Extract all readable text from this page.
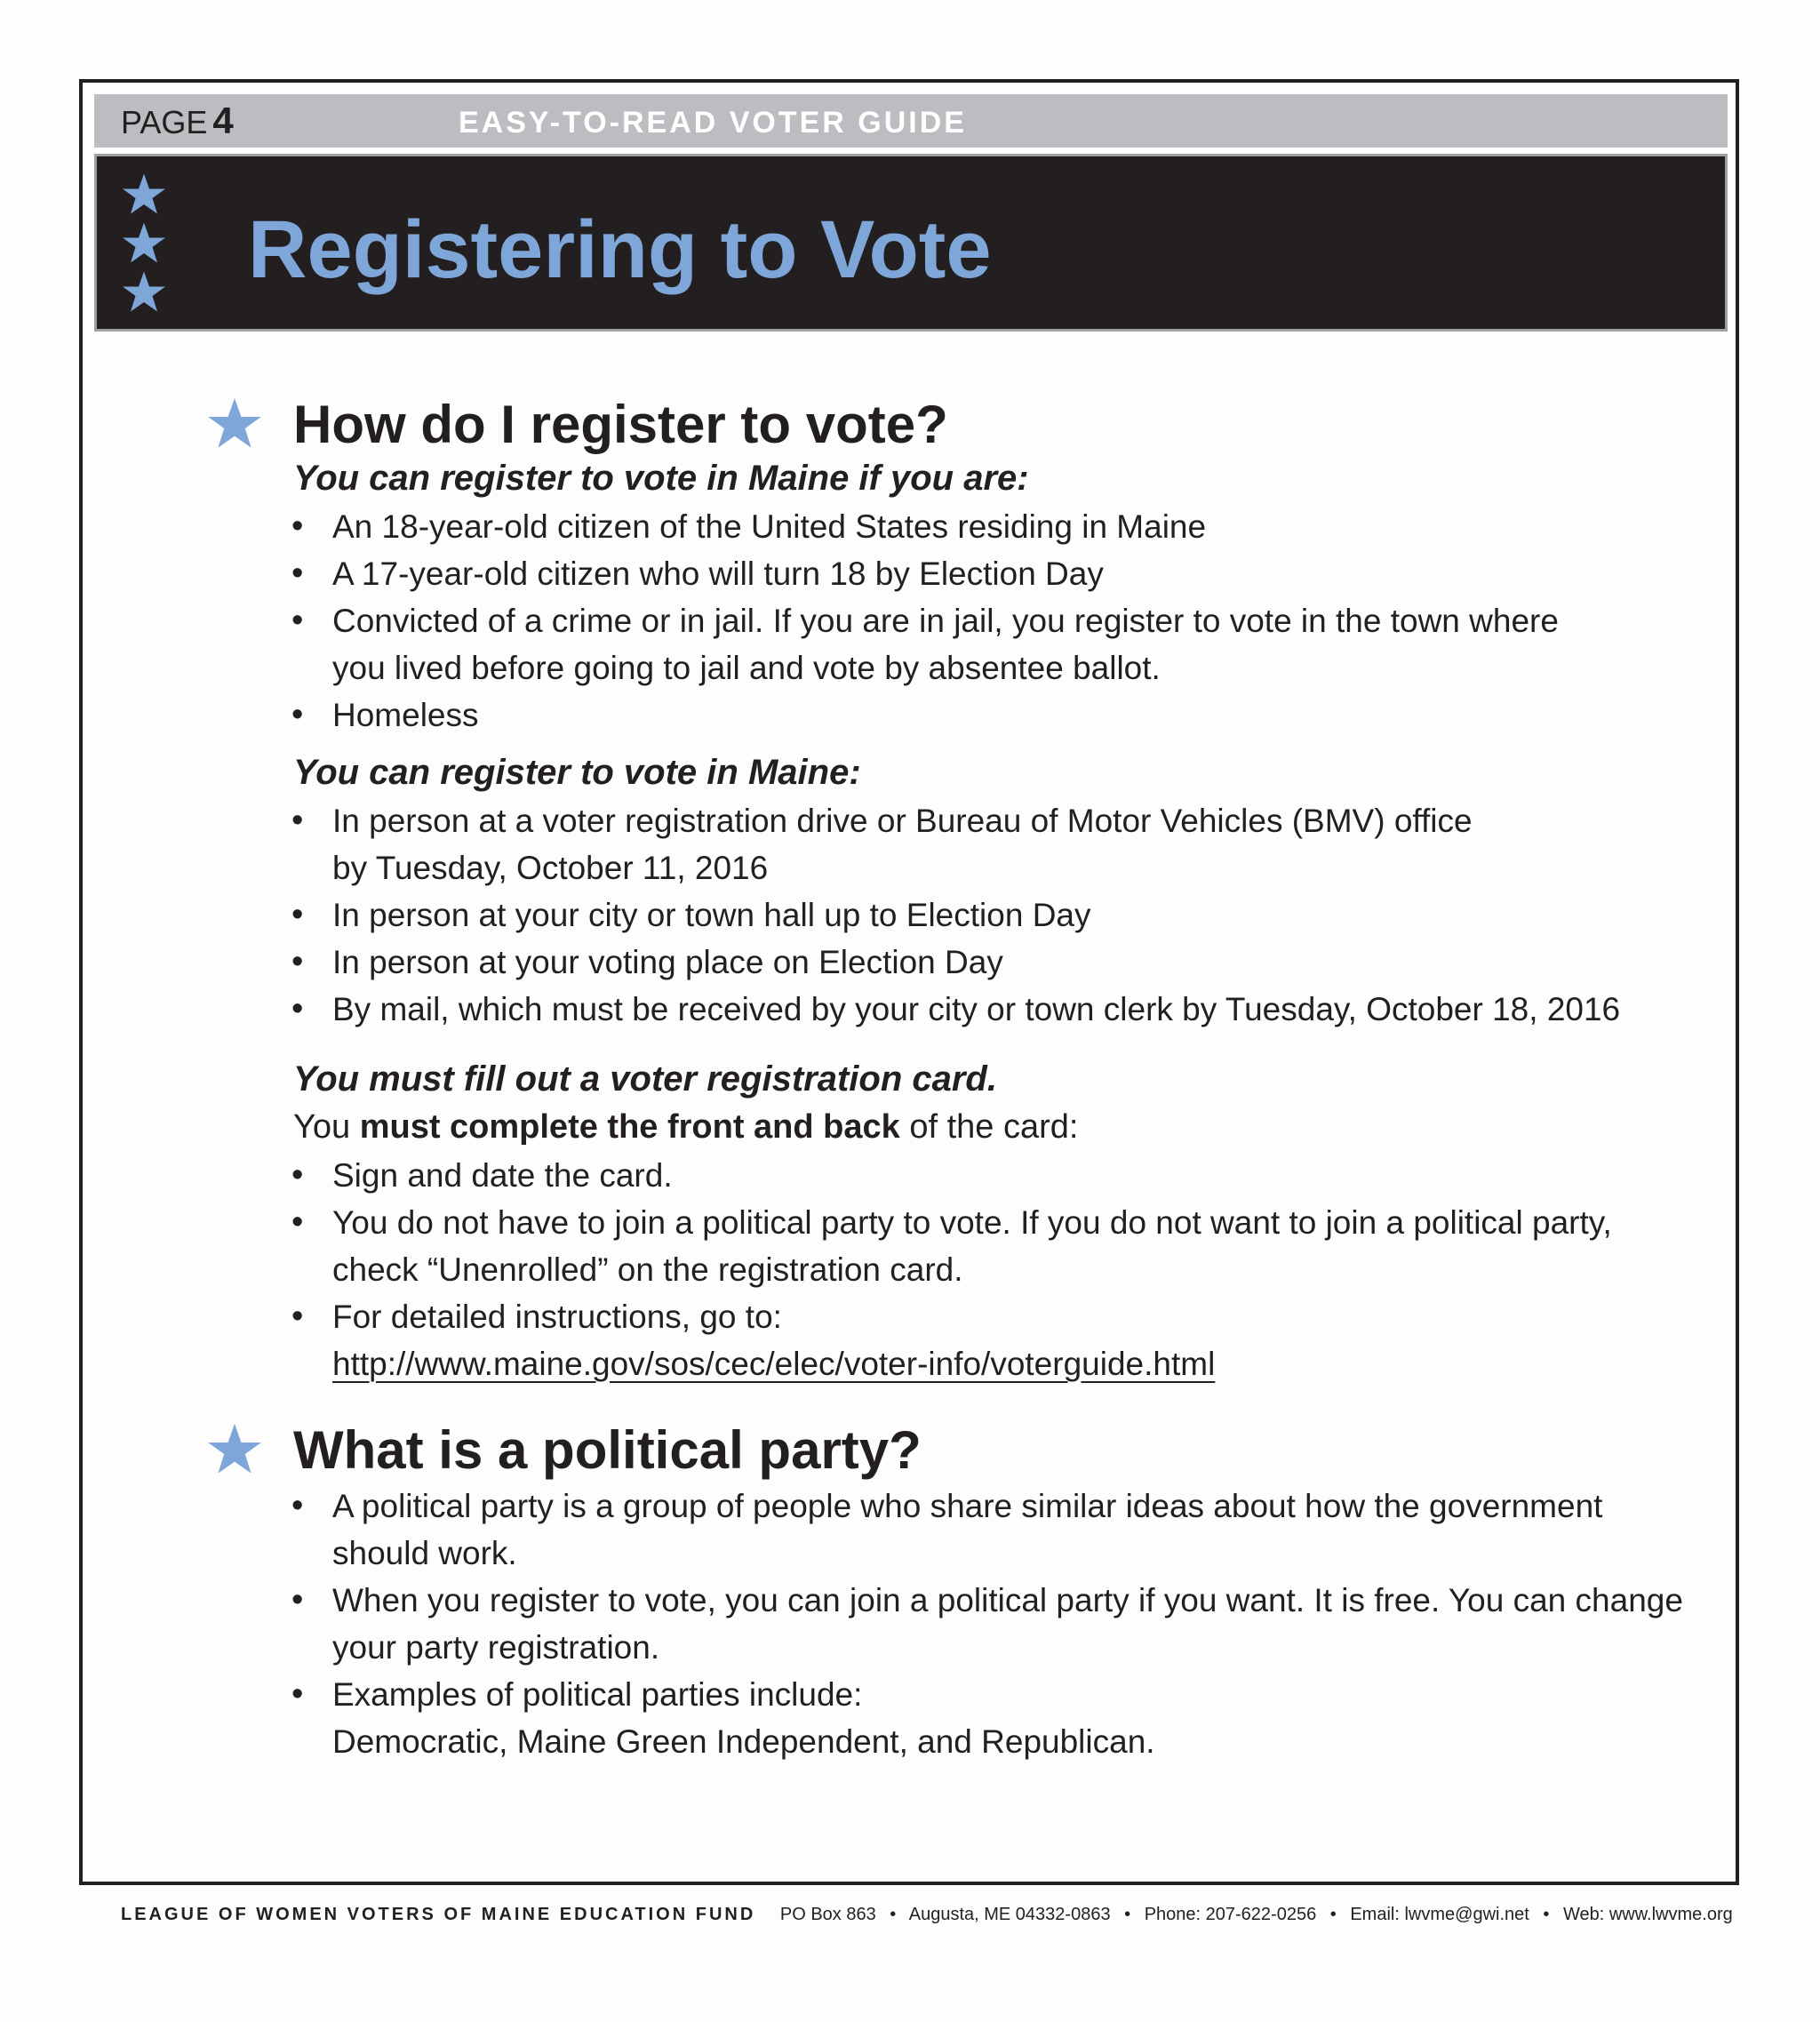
PAGE 4	EASY-TO-READ VOTER GUIDE
Registering to Vote
How do I register to vote?
You can register to vote in Maine if you are:
• An 18-year-old citizen of the United States residing in Maine
• A 17-year-old citizen who will turn 18 by Election Day
• Convicted of a crime or in jail. If you are in jail, you register to vote in the town where you lived before going to jail and vote by absentee ballot.
• Homeless
You can register to vote in Maine:
• In person at a voter registration drive or Bureau of Motor Vehicles (BMV) office by Tuesday, October 11, 2016
• In person at your city or town hall up to Election Day
• In person at your voting place on Election Day
• By mail, which must be received by your city or town clerk by Tuesday, October 18, 2016
You must fill out a voter registration card.
You must complete the front and back of the card:
• Sign and date the card.
• You do not have to join a political party to vote. If you do not want to join a political party, check “Unenrolled” on the registration card.
• For detailed instructions, go to:
http://www.maine.gov/sos/cec/elec/voter-info/voterguide.html
What is a political party?
• A political party is a group of people who share similar ideas about how the government should work.
• When you register to vote, you can join a political party if you want. It is free. You can change your party registration.
• Examples of political parties include:
Democratic, Maine Green Independent, and Republican.
LEAGUE OF WOMEN VOTERS OF MAINE EDUCATION FUND PO Box 863 • Augusta, ME 04332-0863 • Phone: 207-622-0256 • Email: lwvme@gwi.net • Web: www.lwvme.org
